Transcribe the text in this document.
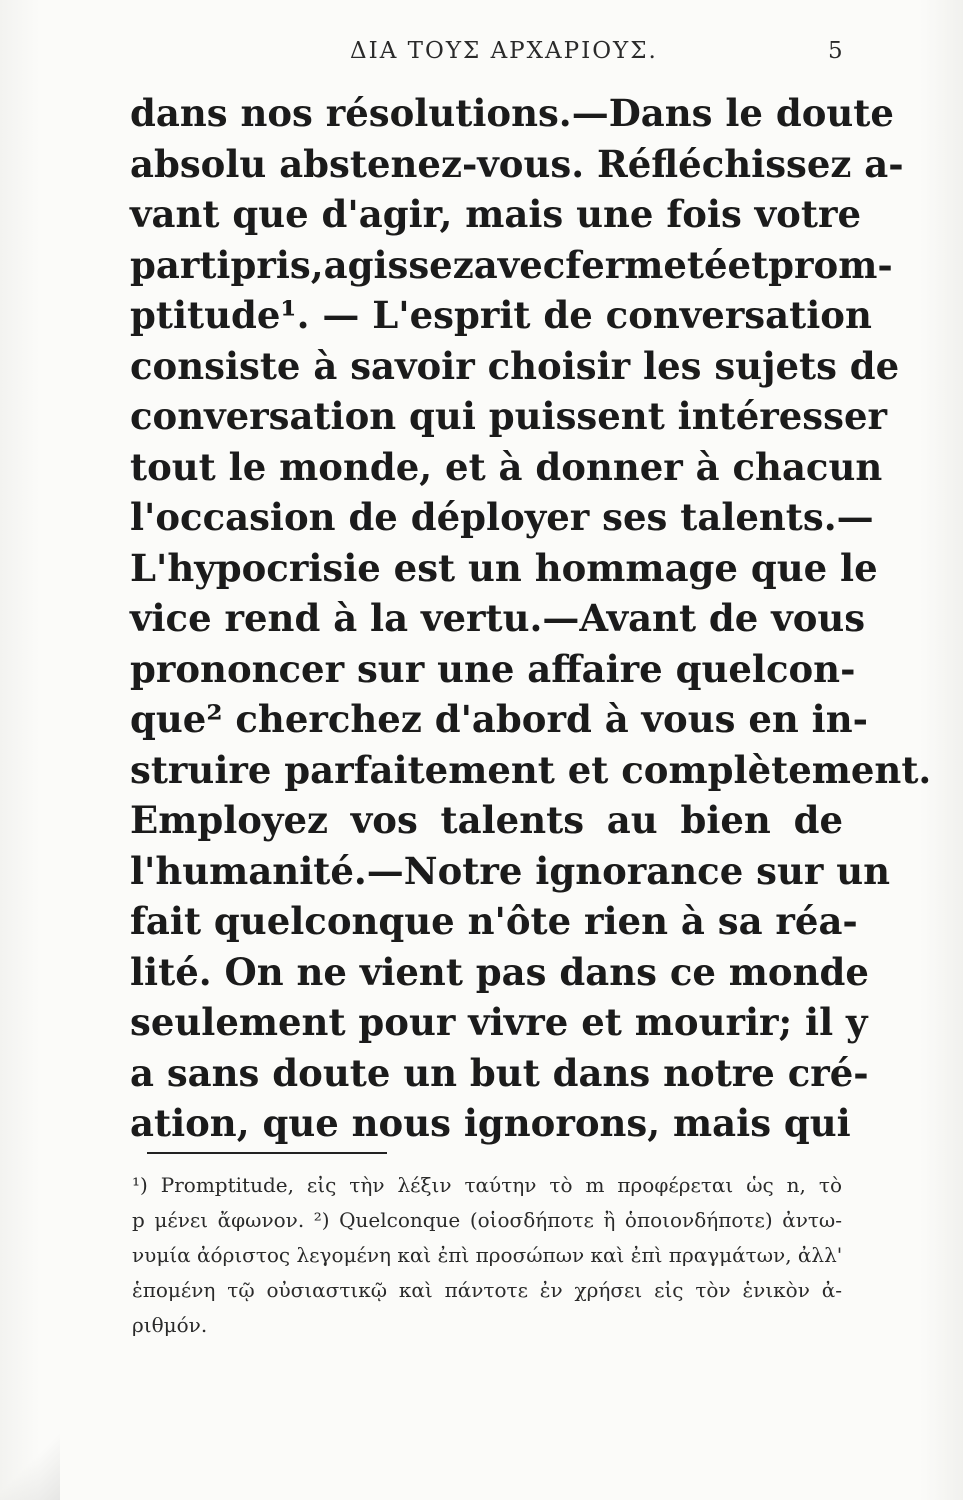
ΔΙΑ ΤΟΥΣ ΑΡΧΑΡΙΟΥΣ.	5
dans nos résolutions.—Dans le doute
absolu abstenez-vous. Réfléchissez a-
vant que d'agir, mais une fois votre
partipris,agissezavecfermetéetprom-
ptitude¹. — L'esprit de conversation
consiste à savoir choisir les sujets de
conversation qui puissent intéresser
tout le monde, et à donner à chacun
l'occasion de déployer ses talents.—
L'hypocrisie est un hommage que le
vice rend à la vertu.—Avant de vous
prononcer sur une affaire quelcon-
que² cherchez d'abord à vous en in-
struire parfaitement et complètement.
Employez vos talents au bien de
l'humanité.—Notre ignorance sur un
fait quelconque n'ôte rien à sa réa-
lité. On ne vient pas dans ce monde
seulement pour vivre et mourir; il y
a sans doute un but dans notre cré-
ation, que nous ignorons, mais qui
¹) Promptitude, εἰς τὴν λέξιν ταύτην τὸ m προφέρεται ὡς n, τὸ
p μένει ἄφωνον. ²) Quelconque (οἱοσδήποτε ἢ ὁποιονδήποτε) ἀντω-
νυμία ἀόριστος λεγομένη καὶ ἐπὶ προσώπων καὶ ἐπὶ πραγμάτων, ἀλλ'
ἑπομένη τῷ οὐσιαστικῷ καὶ πάντοτε ἐν χρήσει εἰς τὸν ἑνικὸν ἀ-
ριθμόν.
